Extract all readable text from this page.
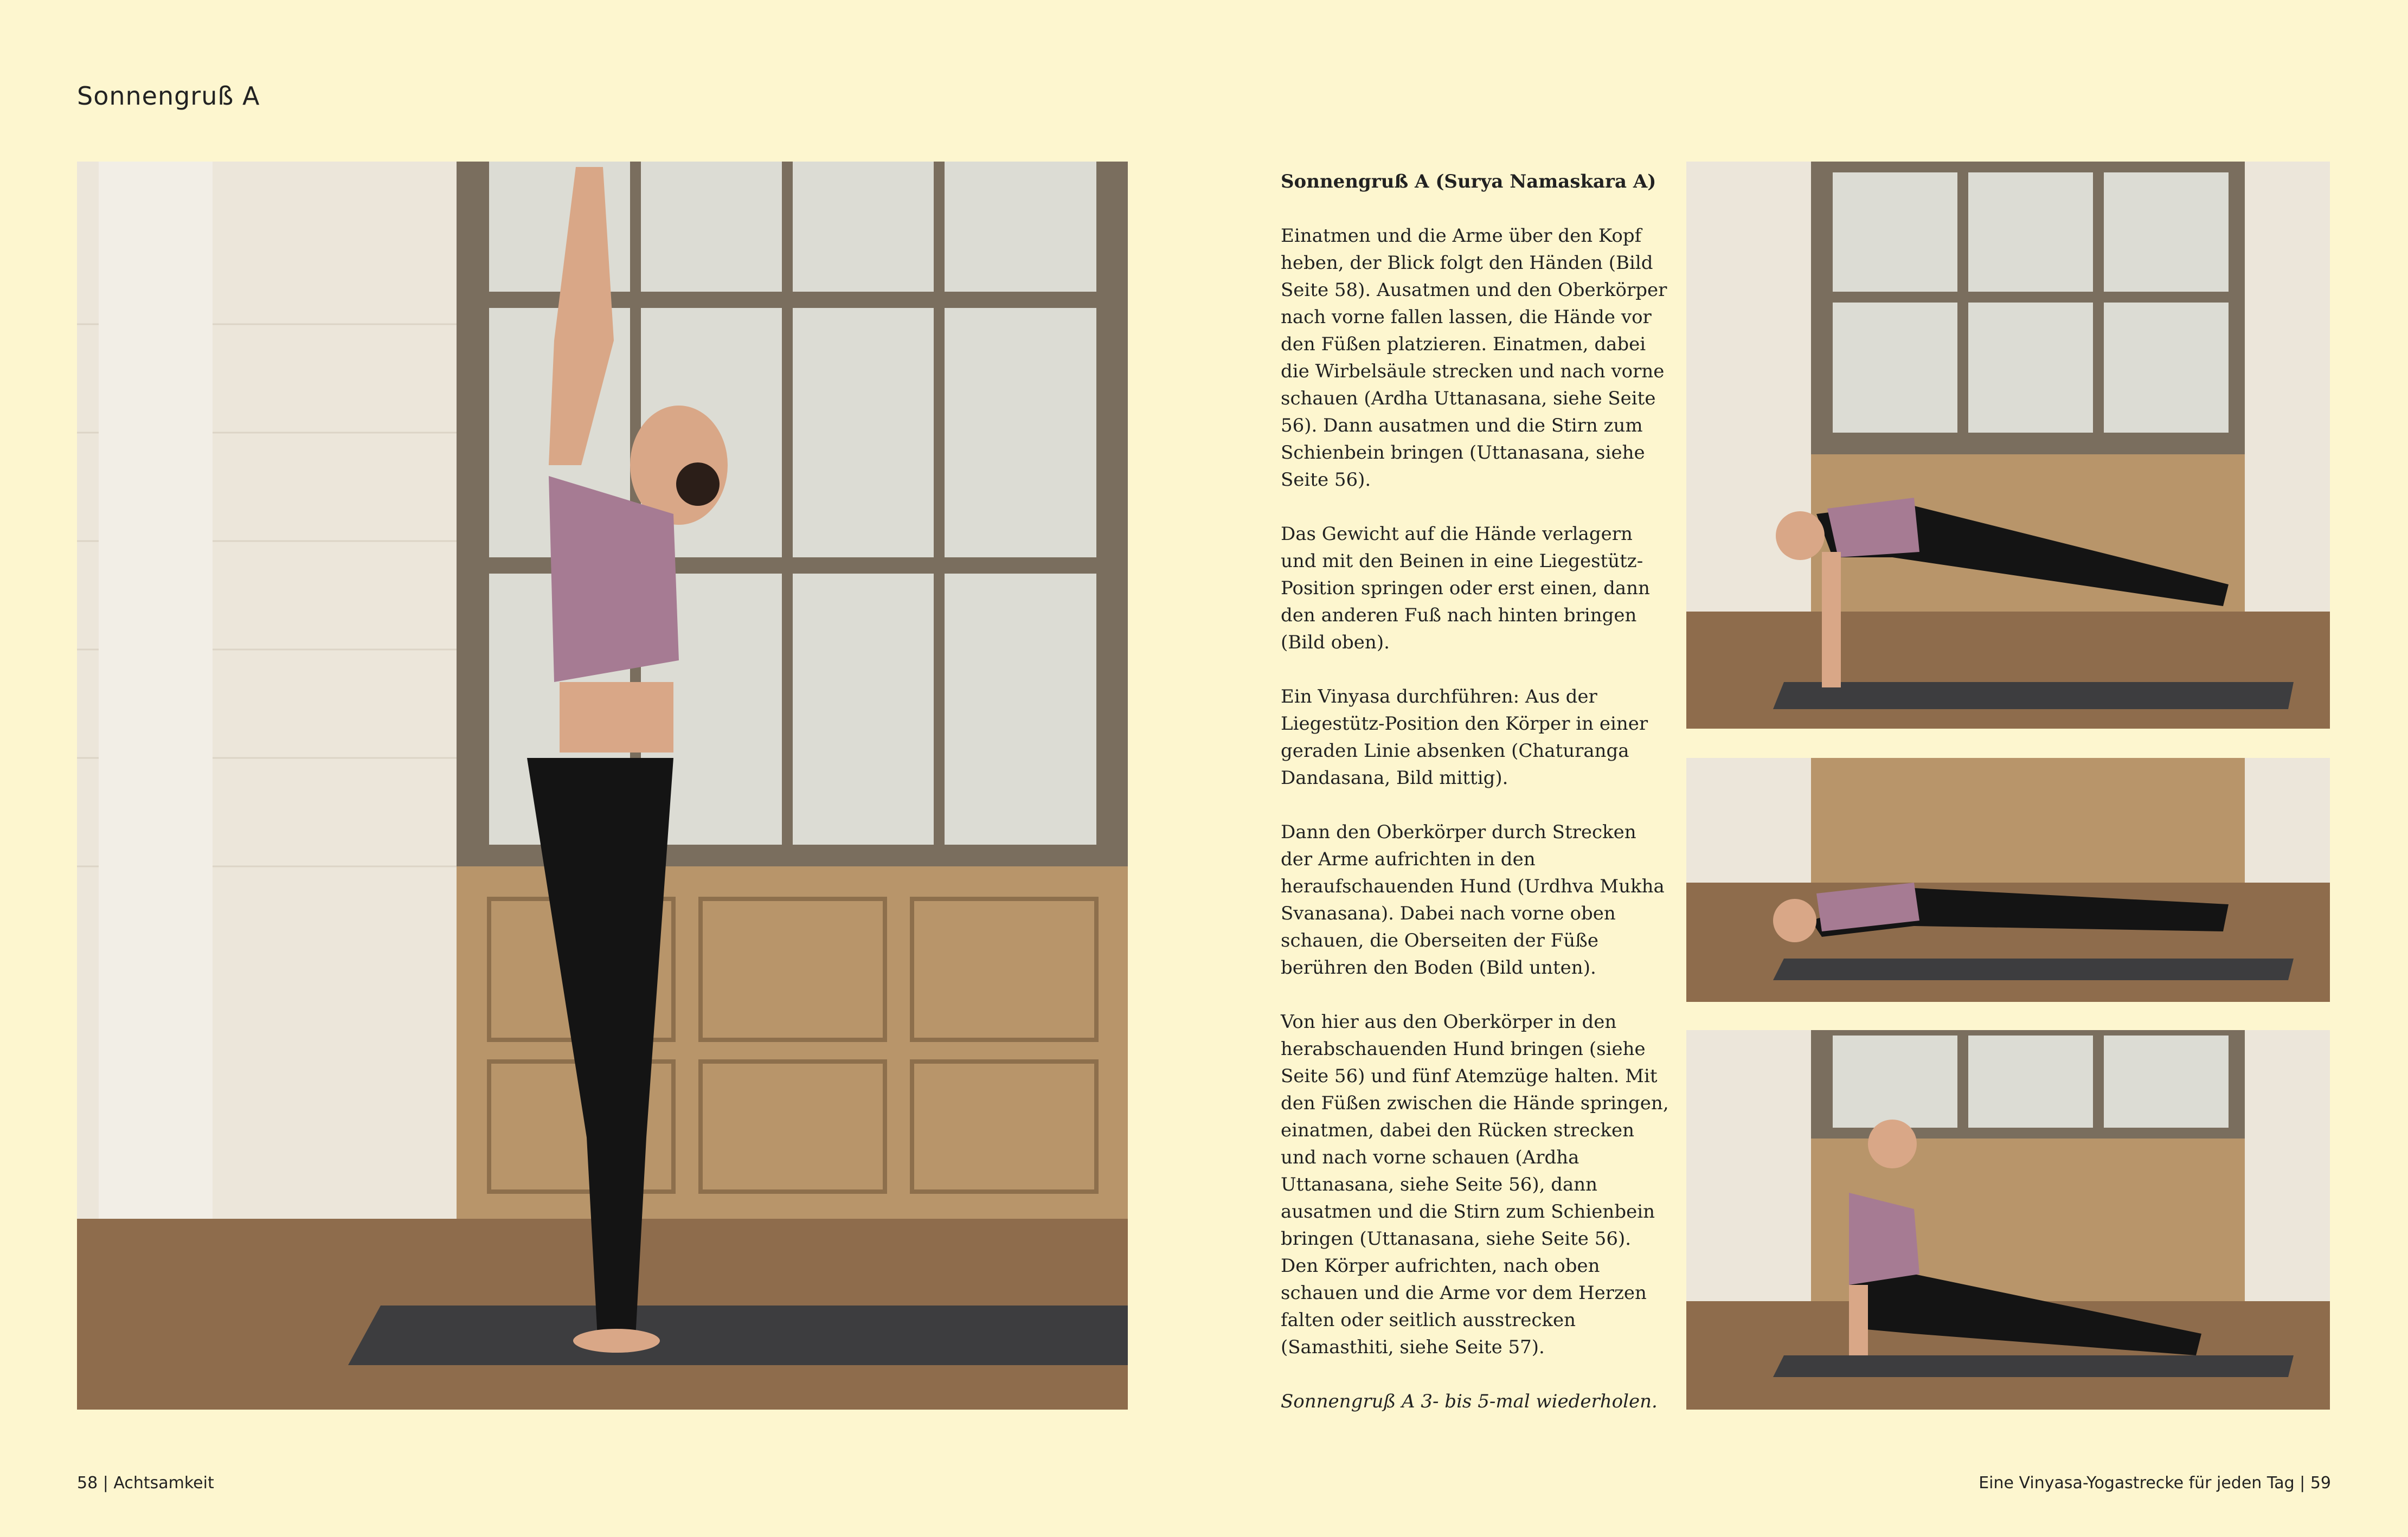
Sonnengruß A
Sonnengruß A (Surya Namaskara A)

Einatmen und die Arme über den Kopf heben, der Blick folgt den Händen (Bild Seite 58). Ausatmen und den Oberkörper nach vorne fallen lassen, die Hände vor den Füßen platzieren. Einatmen, dabei die Wirbelsäule strecken und nach vorne schauen (Ardha Uttanasana, siehe Seite 56). Dann ausatmen und die Stirn zum Schienbein bringen (Uttanasana, siehe Seite 56).

Das Gewicht auf die Hände verlagern und mit den Beinen in eine Liegestütz-Position springen oder erst einen, dann den anderen Fuß nach hinten bringen (Bild oben).

Ein Vinyasa durchführen: Aus der Liegestütz-Position den Körper in einer geraden Linie absenken (Chaturanga Dandasana, Bild mittig).

Dann den Oberkörper durch Strecken der Arme aufrichten in den heraufschauenden Hund (Urdhva Mukha Svanasana). Dabei nach vorne oben schauen, die Oberseiten der Füße berühren den Boden (Bild unten).

Von hier aus den Oberkörper in den herabschauenden Hund bringen (siehe Seite 56) und fünf Atemzüge halten. Mit den Füßen zwischen die Hände springen, einatmen, dabei den Rücken strecken und nach vorne schauen (Ardha Uttanasana, siehe Seite 56), dann ausatmen und die Stirn zum Schienbein bringen (Uttanasana, siehe Seite 56). Den Körper aufrichten, nach oben schauen und die Arme vor dem Herzen falten oder seitlich ausstrecken (Samasthiti, siehe Seite 57).

Sonnengruß A 3- bis 5-mal wiederholen.

58 | Achtsamkeit	Eine Vinyasa-Yogastrecke für jeden Tag | 59
